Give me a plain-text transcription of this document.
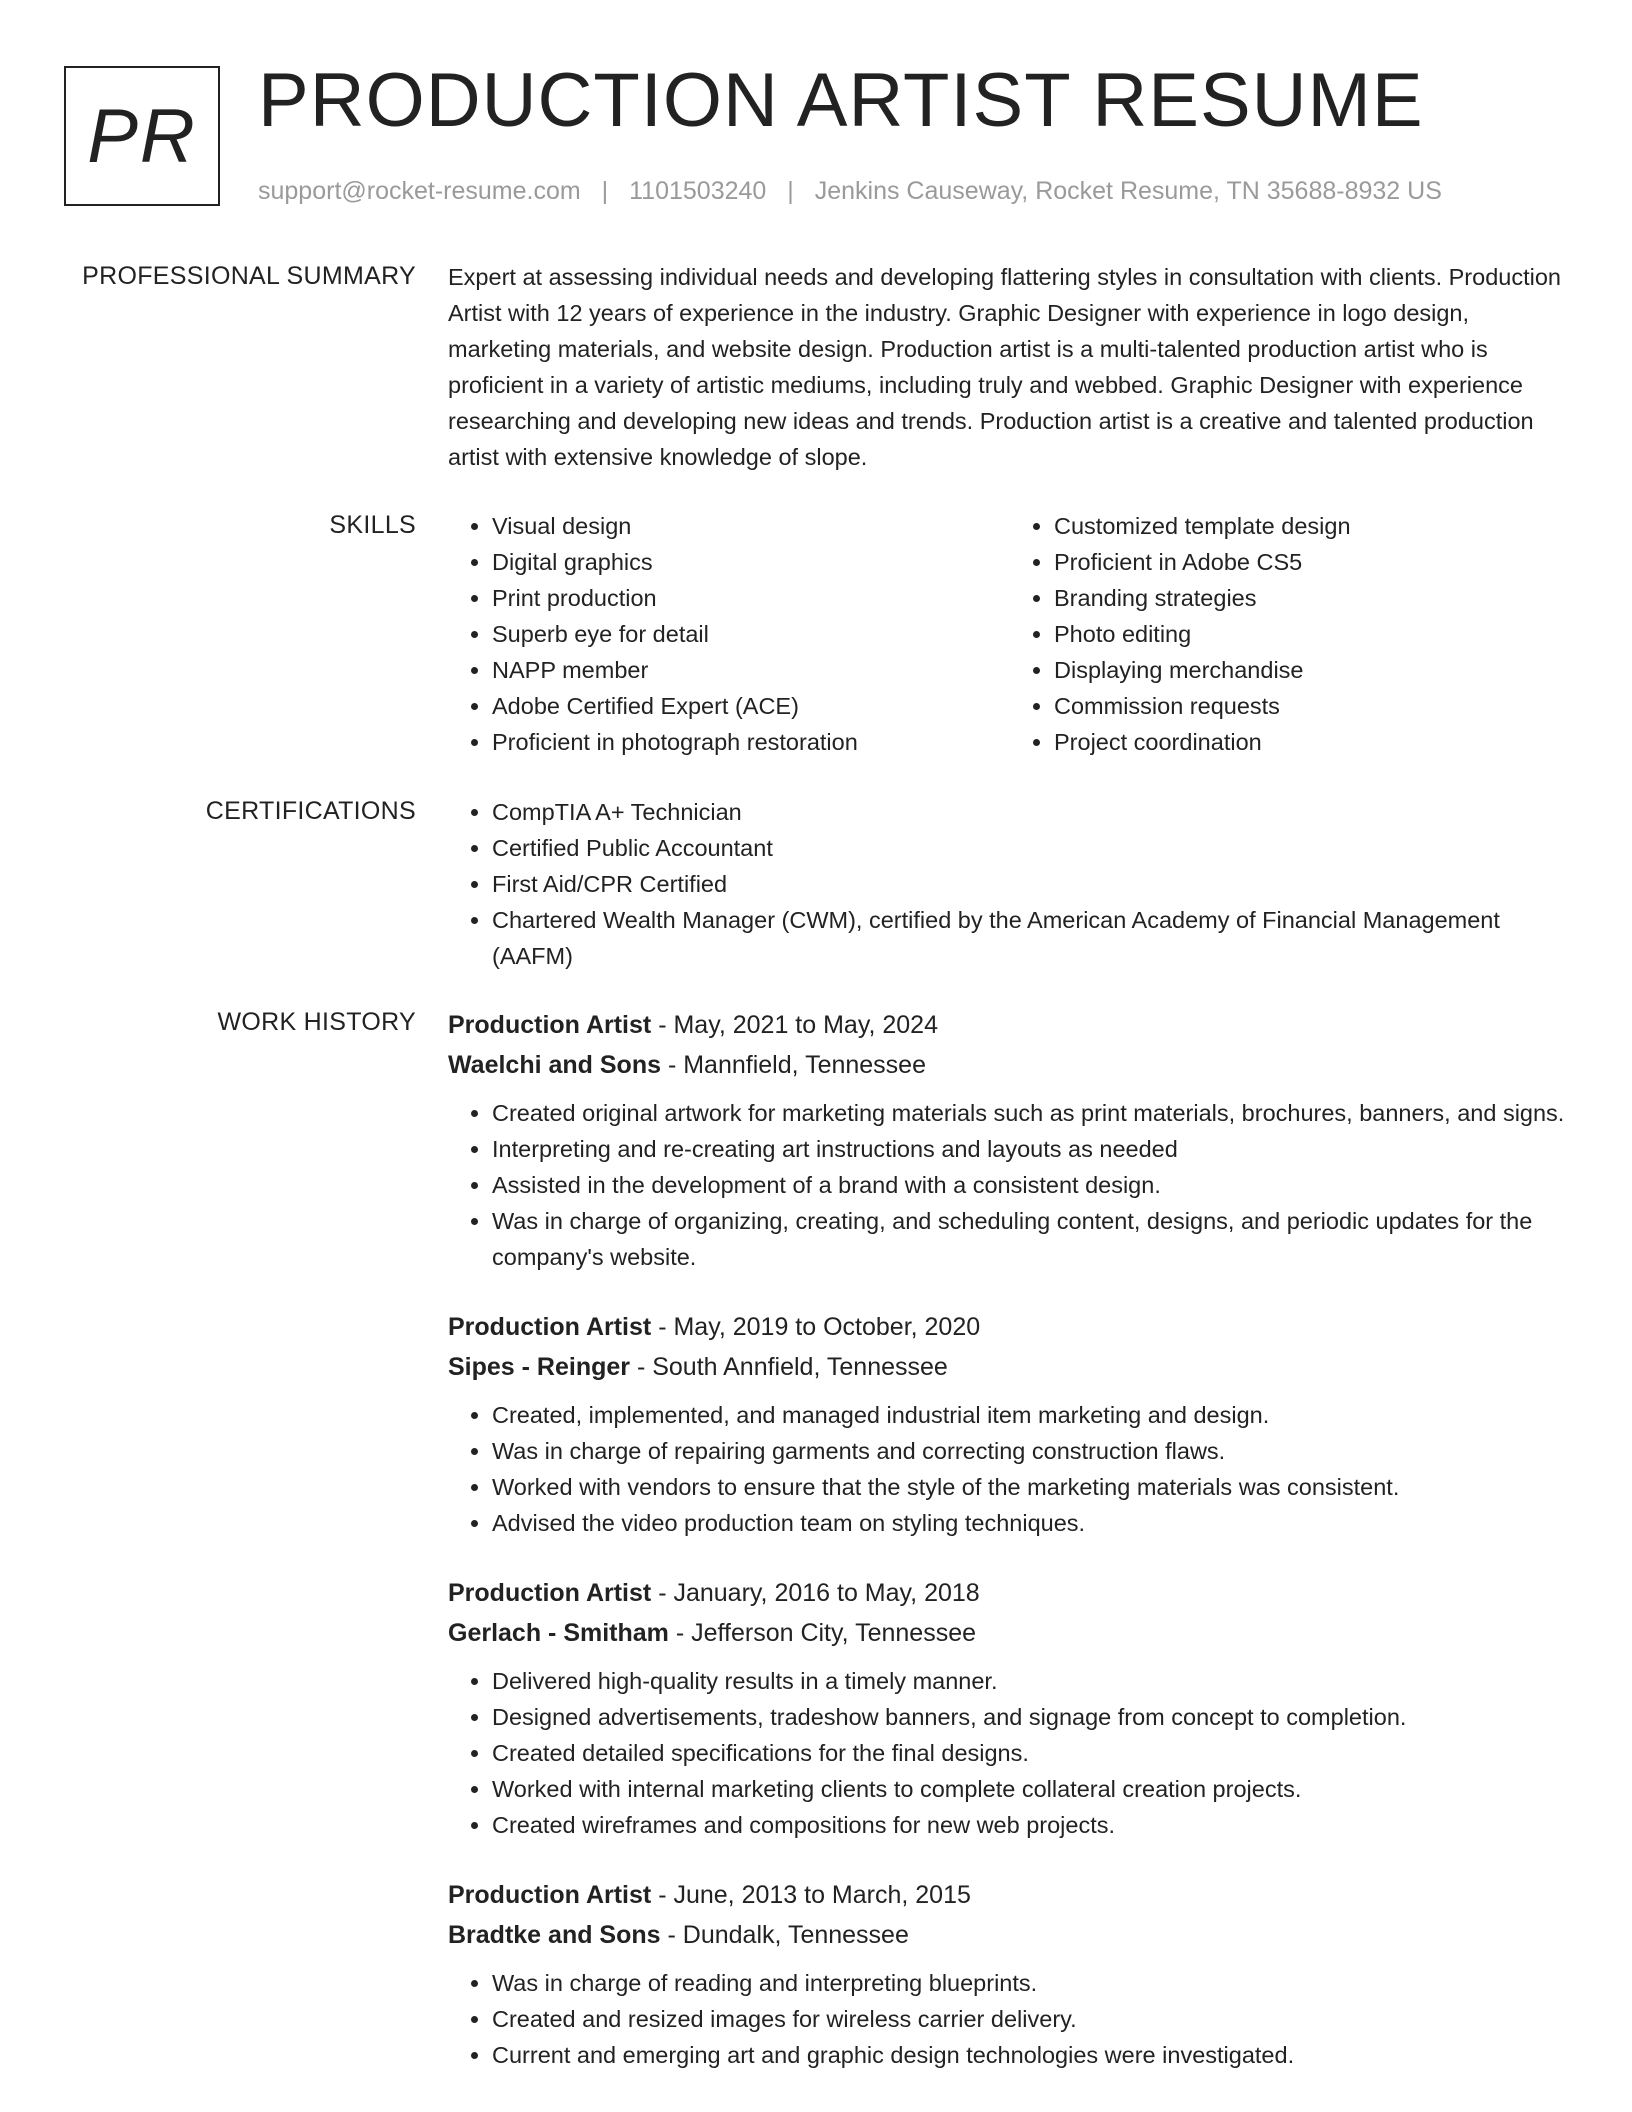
PR PRODUCTION ARTIST RESUME
support@rocket-resume.com | 1101503240 | Jenkins Causeway, Rocket Resume, TN 35688-8932 US
PROFESSIONAL SUMMARY Expert at assessing individual needs and developing flattering styles in consultation with clients. Production Artist with 12 years of experience in the industry. Graphic Designer with experience in logo design, marketing materials, and website design. Production artist is a multi-talented production artist who is proficient in a variety of artistic mediums, including truly and webbed. Graphic Designer with experience researching and developing new ideas and trends. Production artist is a creative and talented production artist with extensive knowledge of slope.

SKILLS	• Visual design
• Digital graphics
• Print production
• Superb eye for detail
• NAPP member
• Adobe Certified Expert (ACE)
• Proficient in photograph restoration
• Customized template design
• Proficient in Adobe CS5
• Branding strategies
• Photo editing
• Displaying merchandise
• Commission requests
• Project coordination
CERTIFICATIONS	• CompTIA A+ Technician
• Certified Public Accountant
• First Aid/CPR Certified
• Chartered Wealth Manager (CWM), certified by the American Academy of Financial Management (AAFM)
WORK HISTORY Production Artist - May, 2021 to May, 2024
Waelchi and Sons - Mannfield, Tennessee
• Created original artwork for marketing materials such as print materials, brochures, banners, and signs.
• Interpreting and re-creating art instructions and layouts as needed
• Assisted in the development of a brand with a consistent design.
• Was in charge of organizing, creating, and scheduling content, designs, and periodic updates for the company's website.
Production Artist - May, 2019 to October, 2020
Sipes - Reinger - South Annfield, Tennessee
• Created, implemented, and managed industrial item marketing and design.
• Was in charge of repairing garments and correcting construction flaws.
• Worked with vendors to ensure that the style of the marketing materials was consistent.
• Advised the video production team on styling techniques.
Production Artist - January, 2016 to May, 2018
Gerlach - Smitham - Jefferson City, Tennessee
• Delivered high-quality results in a timely manner.
• Designed advertisements, tradeshow banners, and signage from concept to completion.
• Created detailed specifications for the final designs.
• Worked with internal marketing clients to complete collateral creation projects.
• Created wireframes and compositions for new web projects.
Production Artist - June, 2013 to March, 2015
Bradtke and Sons - Dundalk, Tennessee
• Was in charge of reading and interpreting blueprints.
• Created and resized images for wireless carrier delivery.
• Current and emerging art and graphic design technologies were investigated.
